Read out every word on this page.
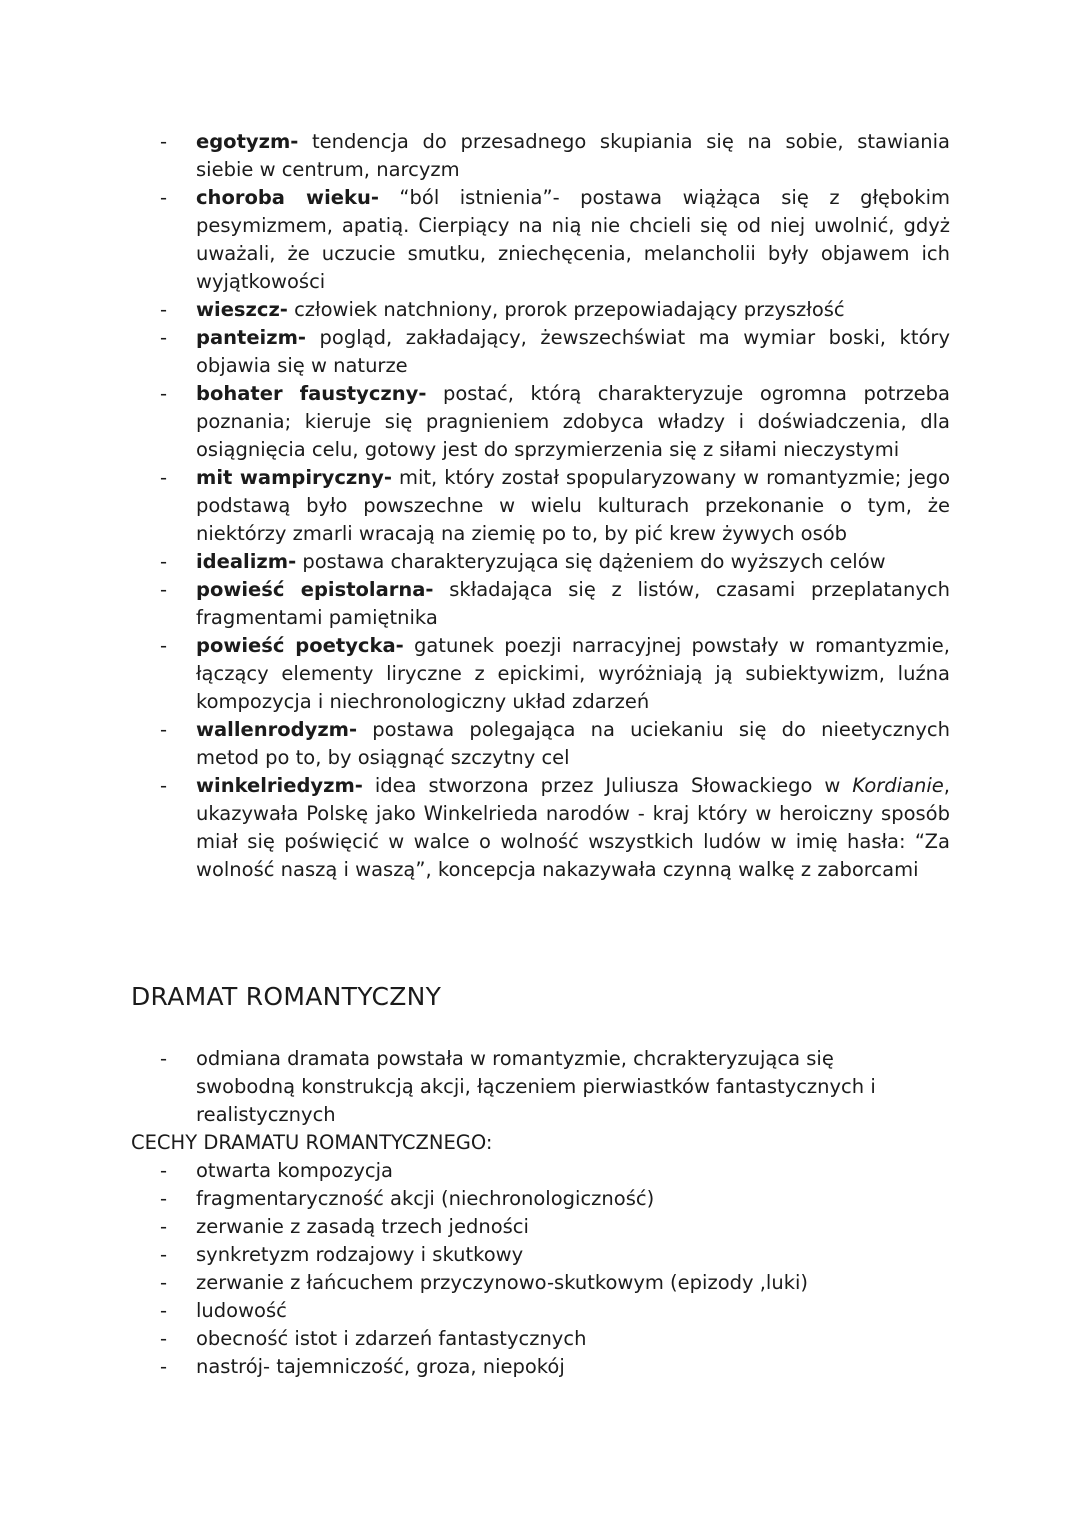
-	egotyzm- tendencja do przesadnego skupiania się na sobie, stawiania siebie w centrum, narcyzm
-	choroba wieku- “ból istnienia”- postawa wiążąca się z głębokim pesymizmem, apatią. Cierpiący na nią nie chcieli się od niej uwolnić, gdyż uważali, że uczucie smutku, zniechęcenia, melancholii były objawem ich wyjątkowości
-	wieszcz- człowiek natchniony, prorok przepowiadający przyszłość
-	panteizm- pogląd, zakładający, żewszechświat ma wymiar boski, który objawia się w naturze
-	bohater faustyczny- postać, którą charakteryzuje ogromna potrzeba poznania; kieruje się pragnieniem zdobyca władzy i doświadczenia, dla osiągnięcia celu, gotowy jest do sprzymierzenia się z siłami nieczystymi
-	mit wampiryczny- mit, który został spopularyzowany w romantyzmie; jego podstawą było powszechne w wielu kulturach przekonanie o tym, że niektórzy zmarli wracają na ziemię po to, by pić krew żywych osób
-	idealizm- postawa charakteryzująca się dążeniem do wyższych celów
-	powieść epistolarna- składająca się z listów, czasami przeplatanych fragmentami pamiętnika
-	powieść poetycka- gatunek poezji narracyjnej powstały w romantyzmie, łączący elementy liryczne z epickimi, wyróżniają ją subiektywizm, luźna kompozycja i niechronologiczny układ zdarzeń
-	wallenrodyzm- postawa polegająca na uciekaniu się do nieetycznych metod po to, by osiągnąć szczytny cel
-	winkelriedyzm- idea stworzona przez Juliusza Słowackiego w Kordianie, ukazywała Polskę jako Winkelrieda narodów - kraj który w heroiczny sposób miał się poświęcić w walce o wolność wszystkich ludów w imię hasła: “Za wolność naszą i waszą”, koncepcja nakazywała czynną walkę z zaborcami
DRAMAT ROMANTYCZNY
-	odmiana dramata powstała w romantyzmie, chcrakteryzująca się swobodną konstrukcją akcji, łączeniem pierwiastków fantastycznych i realistycznych

CECHY DRAMATU ROMANTYCZNEGO:

-	otwarta kompozycja
-	fragmentaryczność akcji (niechronologiczność)
-	zerwanie z zasadą trzech jedności
-	synkretyzm rodzajowy i skutkowy
-	zerwanie z łańcuchem przyczynowo-skutkowym (epizody ,luki)
-	ludowość
-	obecność istot i zdarzeń fantastycznych
-	nastrój- tajemniczość, groza, niepokój
